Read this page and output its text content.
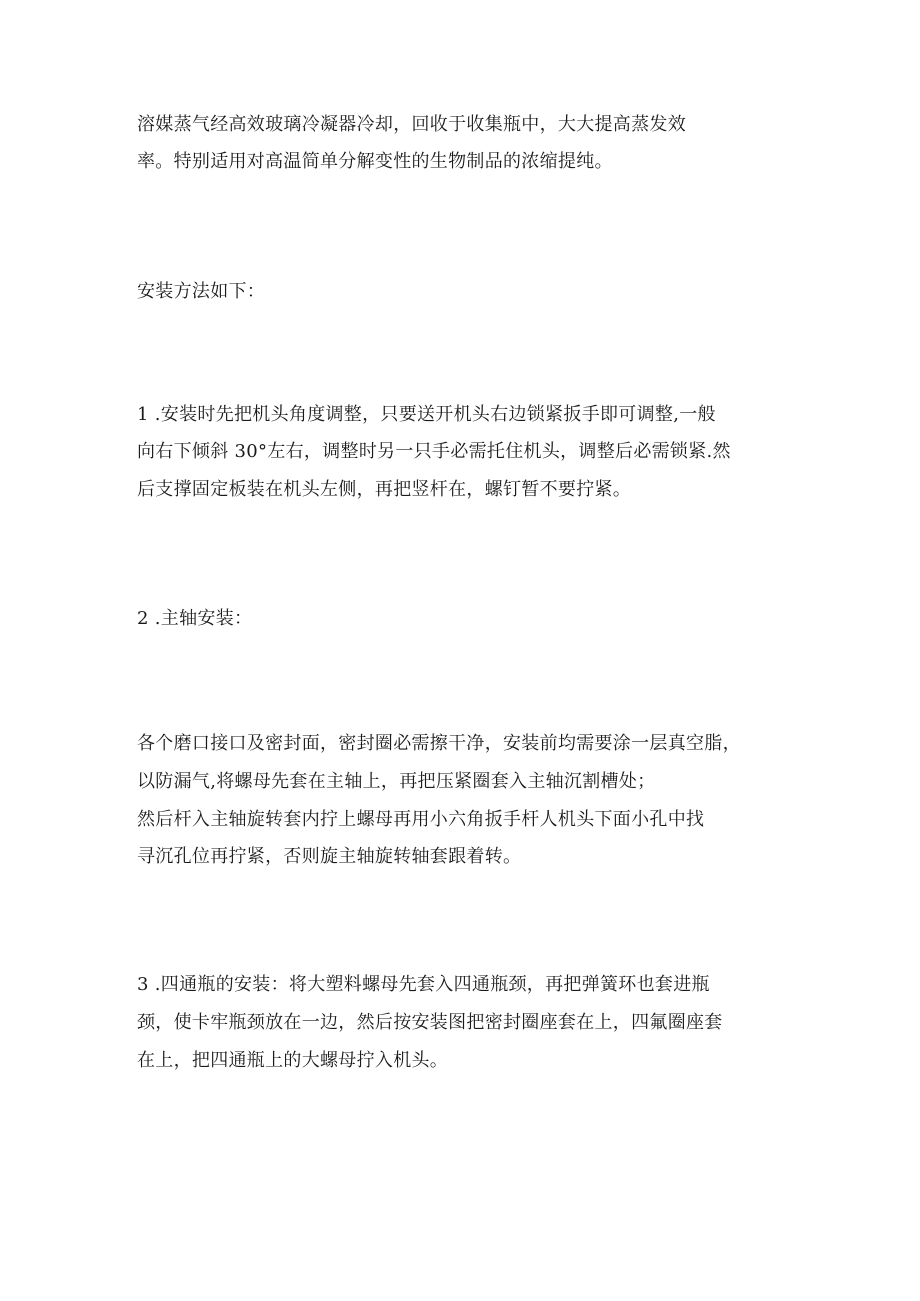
溶媒蒸气经高效玻璃冷凝器冷却，回收于收集瓶中，大大提高蒸发效
率。特别适用对高温简单分解变性的生物制品的浓缩提纯。
安装方法如下：
1 .安装时先把机头角度调整，只要送开机头右边锁紧扳手即可调整,一般
向右下倾斜 30°左右，调整时另一只手必需托住机头，调整后必需锁紧.然
后支撑固定板装在机头左侧，再把竖杆在，螺钉暂不要拧紧。
2 .主轴安装：
各个磨口接口及密封面，密封圈必需擦干净，安装前均需要涂一层真空脂，
以防漏气,将螺母先套在主轴上，再把压紧圈套入主轴沉割槽处；
然后杆入主轴旋转套内拧上螺母再用小六角扳手杆人机头下面小孔中找
寻沉孔位再拧紧，否则旋主轴旋转轴套跟着转。
3 .四通瓶的安装：将大塑料螺母先套入四通瓶颈，再把弹簧环也套进瓶
颈，使卡牢瓶颈放在一边，然后按安装图把密封圈座套在上，四氟圈座套
在上，把四通瓶上的大螺母拧入机头。
